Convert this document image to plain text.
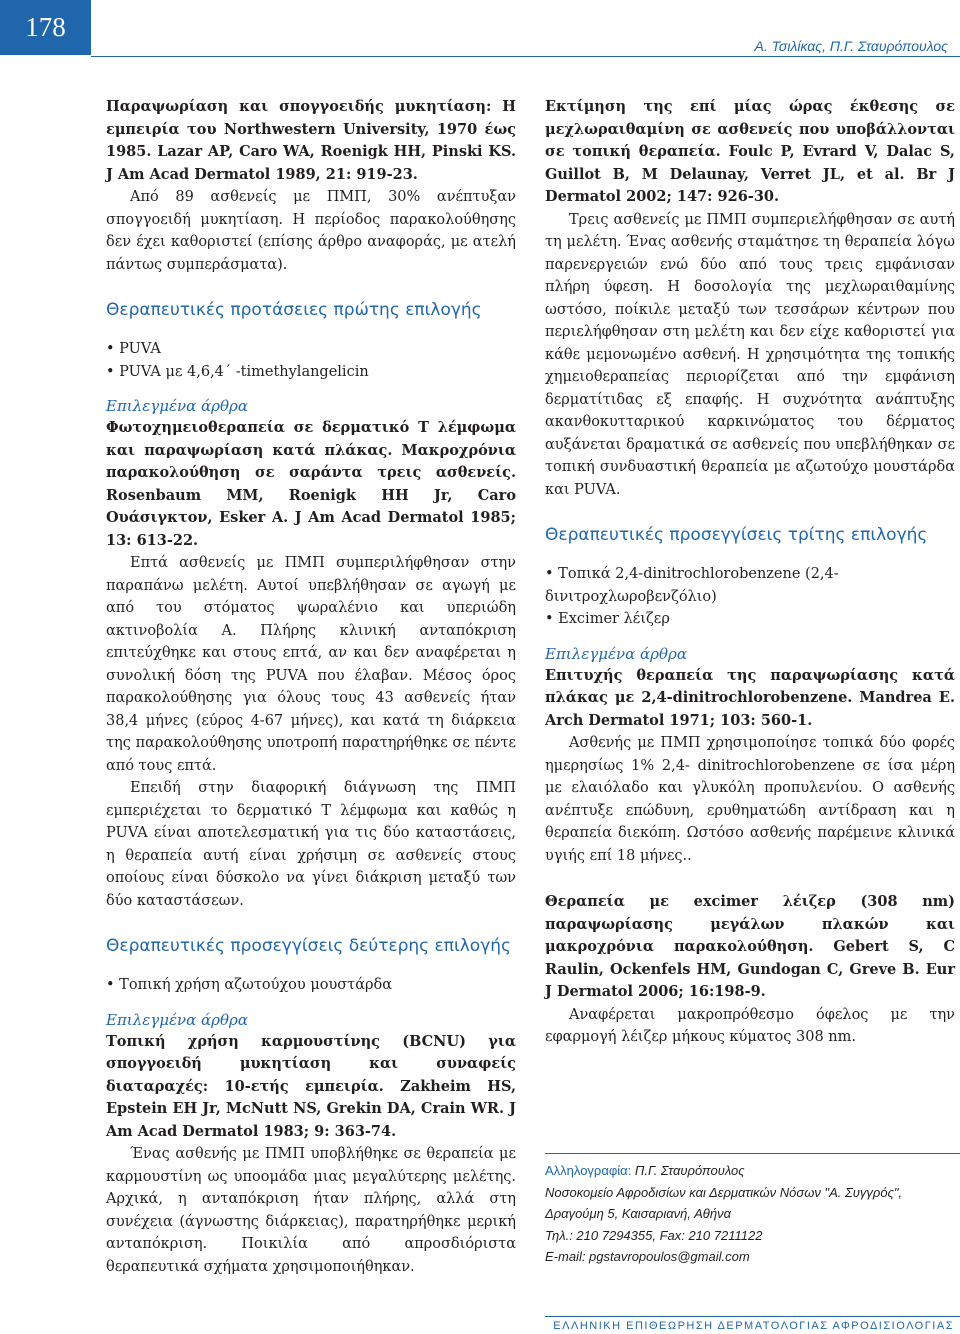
178
Α. Τσιλίκας, Π.Γ. Σταυρόπουλος

Παραψωρίαση και σπογγοειδής μυκητίαση: Η εμπειρία του Northwestern University, 1970 έως 1985. Lazar AP, Caro WA, Roenigk HH, Pinski KS. J Am Acad Dermatol 1989, 21: 919-23.

Από 89 ασθενείς με ΠΜΠ, 30% ανέπτυξαν σπογγοειδή μυκητίαση. Η περίοδος παρακολούθησης δεν έχει καθοριστεί (επίσης άρθρο αναφοράς, με ατελή πάντως συμπεράσματα).

Θεραπευτικές προτάσειες πρώτης επιλογής
• PUVA
• PUVA με 4,6,4΄ -timethylangelicin
Επιλεγμένα άρθρα

Φωτοχημειοθεραπεία σε δερματικό Τ λέμφωμα και παραψωρίαση κατά πλάκας. Μακροχρόνια παρακολούθηση σε σαράντα τρεις ασθενείς. Rosenbaum MM, Roenigk HH Jr, Caro Ουάσιγκτον, Esker A. J Am Acad Dermatol 1985; 13: 613-22.

Επτά ασθενείς με ΠΜΠ συμπεριλήφθησαν στην παραπάνω μελέτη. Αυτοί υπεβλήθησαν σε αγωγή με από του στόματος ψωραλένιο και υπεριώδη ακτινοβολία Α. Πλήρης κλινική ανταπόκριση επιτεύχθηκε και στους επτά, αν και δεν αναφέρεται η συνολική δόση της PUVA που έλαβαν. Μέσος όρος παρακολούθησης για όλους τους 43 ασθενείς ήταν 38,4 μήνες (εύρος 4-67 μήνες), και κατά τη διάρκεια της παρακολούθησης υποτροπή παρατηρήθηκε σε πέντε από τους επτά.

Επειδή στην διαφορική διάγνωση της ΠΜΠ εμπεριέχεται το δερματικό Τ λέμφωμα και καθώς η PUVA είναι αποτελεσματική για τις δύο καταστάσεις, η θεραπεία αυτή είναι χρήσιμη σε ασθενείς στους οποίους είναι δύσκολο να γίνει διάκριση μεταξύ των δύο καταστάσεων.

Θεραπευτικές προσεγγίσεις δεύτερης επιλογής
• Τοπική χρήση αζωτούχου μουστάρδα
Επιλεγμένα άρθρα

Τοπική χρήση καρμουστίνης (BCNU) για σπογγοειδή μυκητίαση και συναφείς διαταραχές: 10-ετής εμπειρία. Zakheim HS, Epstein EH Jr, McNutt NS, Grekin DA, Crain WR. J Am Acad Dermatol 1983; 9: 363-74.

Ένας ασθενής με ΠΜΠ υποβλήθηκε σε θεραπεία με καρμουστίνη ως υποομάδα μιας μεγαλύτερης μελέτης. Αρχικά, η ανταπόκριση ήταν πλήρης, αλλά στη συνέχεια (άγνωστης διάρκειας), παρατηρήθηκε μερική ανταπόκριση. Ποικιλία από απροσδιόριστα θεραπευτικά σχήματα χρησιμοποιήθηκαν.

Εκτίμηση της επί μίας ώρας έκθεσης σε μεχλωραιθαμίνη σε ασθενείς που υποβάλλονται σε τοπική θεραπεία. Foulc P, Evrard V, Dalac S, Guillot B, M Delaunay, Verret JL, et al. Br J Dermatol 2002; 147: 926-30.

Τρεις ασθενείς με ΠΜΠ συμπεριελήφθησαν σε αυτή τη μελέτη. Ένας ασθενής σταμάτησε τη θεραπεία λόγω παρενεργειών ενώ δύο από τους τρεις εμφάνισαν πλήρη ύφεση. Η δοσολογία της μεχλωραιθαμίνης ωστόσο, ποίκιλε μεταξύ των τεσσάρων κέντρων που περιελήφθησαν στη μελέτη και δεν είχε καθοριστεί για κάθε μεμονωμένο ασθενή. Η χρησιμότητα της τοπικής χημειοθεραπείας περιορίζεται από την εμφάνιση δερματίτιδας εξ επαφής. Η συχνότητα ανάπτυξης ακανθοκυτταρικού καρκινώματος του δέρματος αυξάνεται δραματικά σε ασθενείς που υπεβλήθηκαν σε τοπική συνδυαστική θεραπεία με αζωτούχο μουστάρδα και PUVA.

Θεραπευτικές προσεγγίσεις τρίτης επιλογής
• Τοπικά 2,4-dinitrochlorobenzene (2,4-δινιτροχλωροβενζόλιο)
• Excimer λέιζερ
Επιλεγμένα άρθρα

Επιτυχής θεραπεία της παραψωρίασης κατά πλάκας με 2,4-dinitrochlorobenzene. Mandrea E. Arch Dermatol 1971; 103: 560-1.

Ασθενής με ΠΜΠ χρησιμοποίησε τοπικά δύο φορές ημερησίως 1% 2,4- dinitrochlorobenzene σε ίσα μέρη με ελαιόλαδο και γλυκόλη προπυλενίου. Ο ασθενής ανέπτυξε επώδυνη, ερυθηματώδη αντίδραση και η θεραπεία διεκόπη. Ωστόσο ασθενής παρέμεινε κλινικά υγιής επί 18 μήνες..

Θεραπεία με excimer λέιζερ (308 nm) παραψωρίασης μεγάλων πλακών και μακροχρόνια παρακολούθηση. Gebert S, C Raulin, Ockenfels HM, Gundogan C, Greve B. Eur J Dermatol 2006; 16:198-9.

Αναφέρεται μακροπρόθεσμο όφελος με την εφαρμογή λέιζερ μήκους κύματος 308 nm.

Αλληλογραφία: Π.Γ. Σταυρόπουλος
Νοσοκομείο Αφροδισίων και Δερματικών Νόσων "Α. Συγγρός",
Δραγούμη 5, Καισαριανή, Αθήνα
Τηλ.: 210 7294355, Fax: 210 7211122
E-mail: pgstavropoulos@gmail.com
ΕΛΛΗΝΙΚΗ ΕΠΙΘΕΩΡΗΣΗ ΔΕΡΜΑΤΟΛΟΓΙΑΣ ΑΦΡΟΔΙΣΙΟΛΟΓΙΑΣ
